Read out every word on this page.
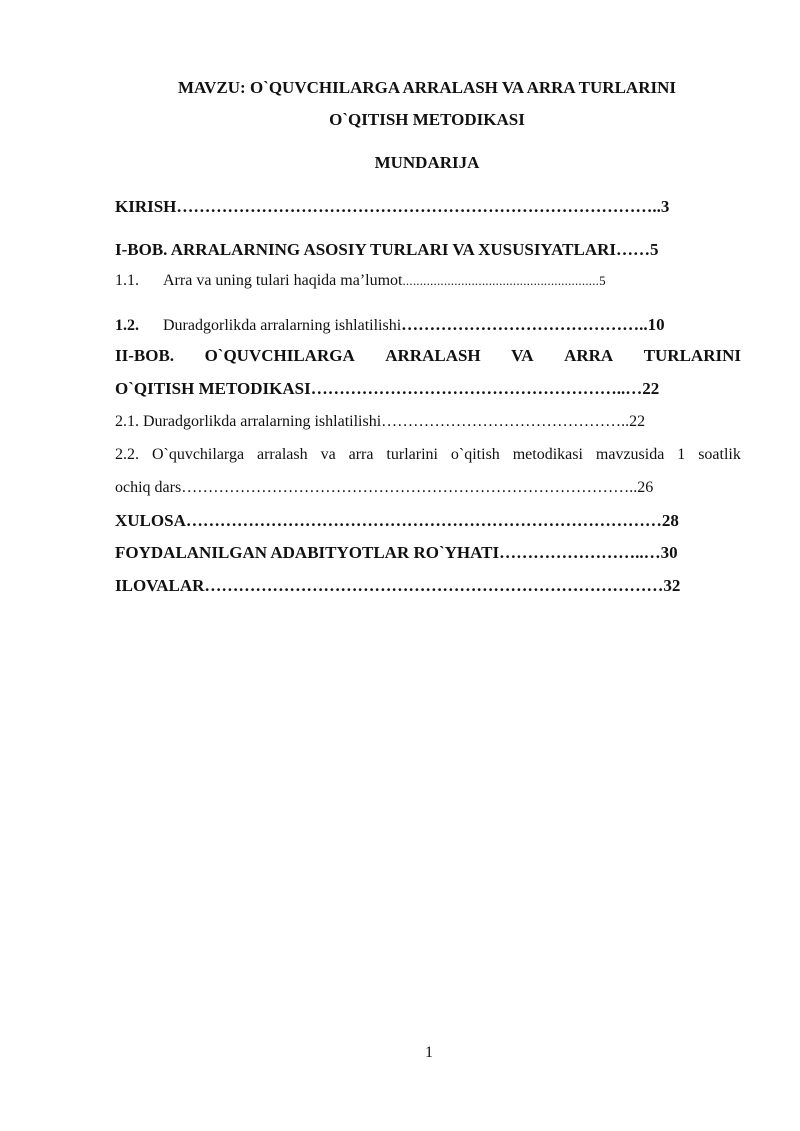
MAVZU: O`QUVCHILARGA ARRALASH VA ARRA TURLARINI
O`QITISH METODIKASI
MUNDARIJA
KIRISH…………………………………………………………………………..3
I-BOB. ARRALARNING ASOSIY TURLARI VA XUSUSIYATLARI……5
1.1. Arra va uning tulari haqida ma’lumot.........................................................5
1.2. Duradgorlikda arralarning ishlatilishi……………………………………..10
II-BOB. O`QUVCHILARGA ARRALASH VA ARRA TURLARINI
O`QITISH METODIKASI………………………………………………..…22
2.1. Duradgorlikda arralarning ishlatilishi………………………………………..22
2.2. O`quvchilarga arralash va arra turlarini o`qitish metodikasi mavzusida 1 soatlik
ochiq dars…………………………………………………………………………..26
XULOSA…………………………………………………………………………28
FOYDALANILGAN ADABITYOTLAR RO`YHATI……………………..…30
ILOVALAR………………………………………………………………………32
1
